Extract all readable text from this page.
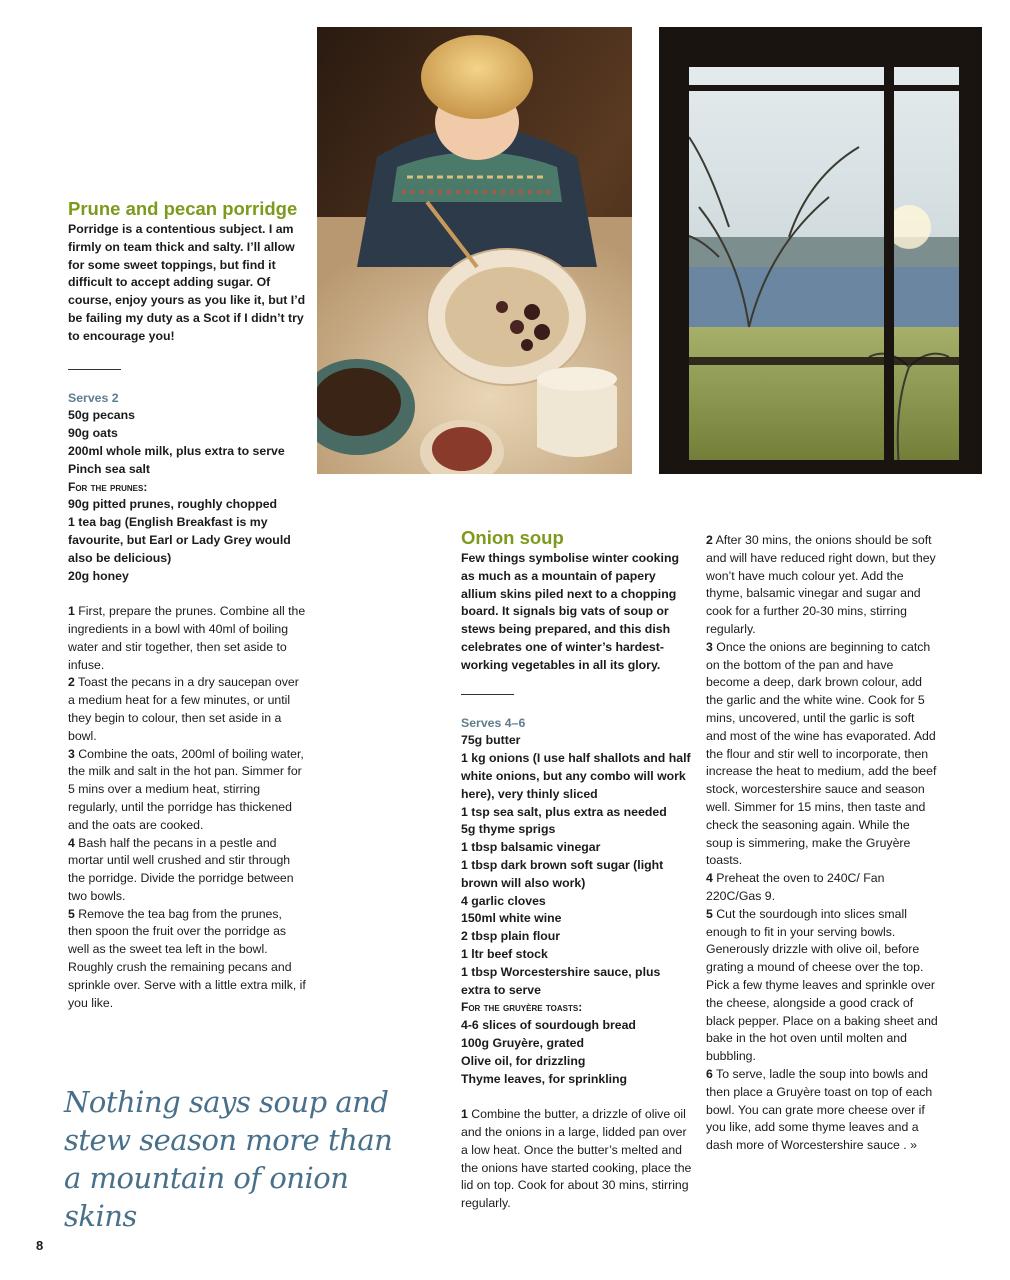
Prune and pecan porridge
Porridge is a contentious subject. I am firmly on team thick and salty. I’ll allow for some sweet toppings, but find it difficult to accept adding sugar. Of course, enjoy yours as you like it, but I’d be failing my duty as a Scot if I didn’t try to encourage you!
Serves 2
50g pecans
90g oats
200ml whole milk, plus extra to serve
Pinch sea salt
For the prunes:
90g pitted prunes, roughly chopped
1 tea bag (English Breakfast is my favourite, but Earl or Lady Grey would also be delicious)
20g honey
1 First, prepare the prunes. Combine all the ingredients in a bowl with 40ml of boiling water and stir together, then set aside to infuse.
2 Toast the pecans in a dry saucepan over a medium heat for a few minutes, or until they begin to colour, then set aside in a bowl.
3 Combine the oats, 200ml of boiling water, the milk and salt in the hot pan. Simmer for 5 mins over a medium heat, stirring regularly, until the porridge has thickened and the oats are cooked.
4 Bash half the pecans in a pestle and mortar until well crushed and stir through the porridge. Divide the porridge between two bowls.
5 Remove the tea bag from the prunes, then spoon the fruit over the porridge as well as the sweet tea left in the bowl. Roughly crush the remaining pecans and sprinkle over. Serve with a little extra milk, if you like.
Nothing says soup and stew season more than a mountain of onion skins
Onion soup
Few things symbolise winter cooking as much as a mountain of papery allium skins piled next to a chopping board. It signals big vats of soup or stews being prepared, and this dish celebrates one of winter’s hardest-working vegetables in all its glory.
Serves 4–6
75g butter
1 kg onions (I use half shallots and half white onions, but any combo will work here), very thinly sliced
1 tsp sea salt, plus extra as needed
5g thyme sprigs
1 tbsp balsamic vinegar
1 tbsp dark brown soft sugar (light brown will also work)
4 garlic cloves
150ml white wine
2 tbsp plain flour
1 ltr beef stock
1 tbsp Worcestershire sauce, plus extra to serve
For the gruyère toasts:
4-6 slices of sourdough bread
100g Gruyère, grated
Olive oil, for drizzling
Thyme leaves, for sprinkling
1 Combine the butter, a drizzle of olive oil and the onions in a large, lidded pan over a low heat. Once the butter’s melted and the onions have started cooking, place the lid on top. Cook for about 30 mins, stirring regularly.
2 After 30 mins, the onions should be soft and will have reduced right down, but they won’t have much colour yet. Add the thyme, balsamic vinegar and sugar and cook for a further 20-30 mins, stirring regularly.
3 Once the onions are beginning to catch on the bottom of the pan and have become a deep, dark brown colour, add the garlic and the white wine. Cook for 5 mins, uncovered, until the garlic is soft and most of the wine has evaporated. Add the flour and stir well to incorporate, then increase the heat to medium, add the beef stock, worcestershire sauce and season well. Simmer for 15 mins, then taste and check the seasoning again. While the soup is simmering, make the Gruyère toasts.
4 Preheat the oven to 240C/ Fan 220C/Gas 9.
5 Cut the sourdough into slices small enough to fit in your serving bowls. Generously drizzle with olive oil, before grating a mound of cheese over the top. Pick a few thyme leaves and sprinkle over the cheese, alongside a good crack of black pepper. Place on a baking sheet and bake in the hot oven until molten and bubbling.
6 To serve, ladle the soup into bowls and then place a Gruyère toast on top of each bowl. You can grate more cheese over if you like, add some thyme leaves and a dash more of Worcestershire sauce . »
8
